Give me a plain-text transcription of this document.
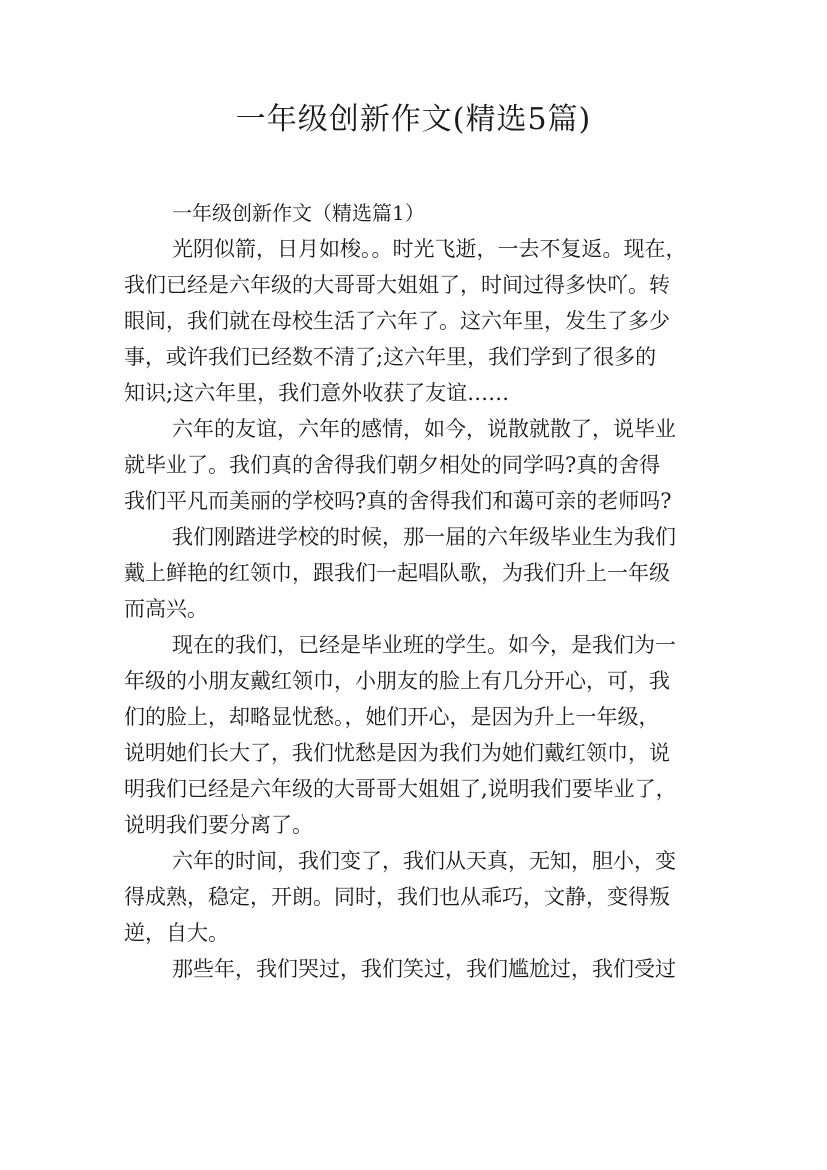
一年级创新作文(精选5篇)
一年级创新作文（精选篇1）

光阴似箭，日月如梭。。时光飞逝，一去不复返。现在，
我们已经是六年级的大哥哥大姐姐了，时间过得多快吖。转
眼间，我们就在母校生活了六年了。这六年里，发生了多少
事，或许我们已经数不清了;这六年里，我们学到了很多的
知识;这六年里，我们意外收获了友谊……

六年的友谊，六年的感情，如今，说散就散了，说毕业
就毕业了。我们真的舍得我们朝夕相处的同学吗?真的舍得
我们平凡而美丽的学校吗?真的舍得我们和蔼可亲的老师吗?

我们刚踏进学校的时候，那一届的六年级毕业生为我们
戴上鲜艳的红领巾，跟我们一起唱队歌，为我们升上一年级
而高兴。

现在的我们，已经是毕业班的学生。如今，是我们为一
年级的小朋友戴红领巾，小朋友的脸上有几分开心，可，我
们的脸上，却略显忧愁。，她们开心，是因为升上一年级，
说明她们长大了，我们忧愁是因为我们为她们戴红领巾，说
明我们已经是六年级的大哥哥大姐姐了,说明我们要毕业了，
说明我们要分离了。

六年的时间，我们变了，我们从天真，无知，胆小，变
得成熟，稳定，开朗。同时，我们也从乖巧，文静，变得叛
逆，自大。

那些年，我们哭过，我们笑过，我们尴尬过，我们受过
